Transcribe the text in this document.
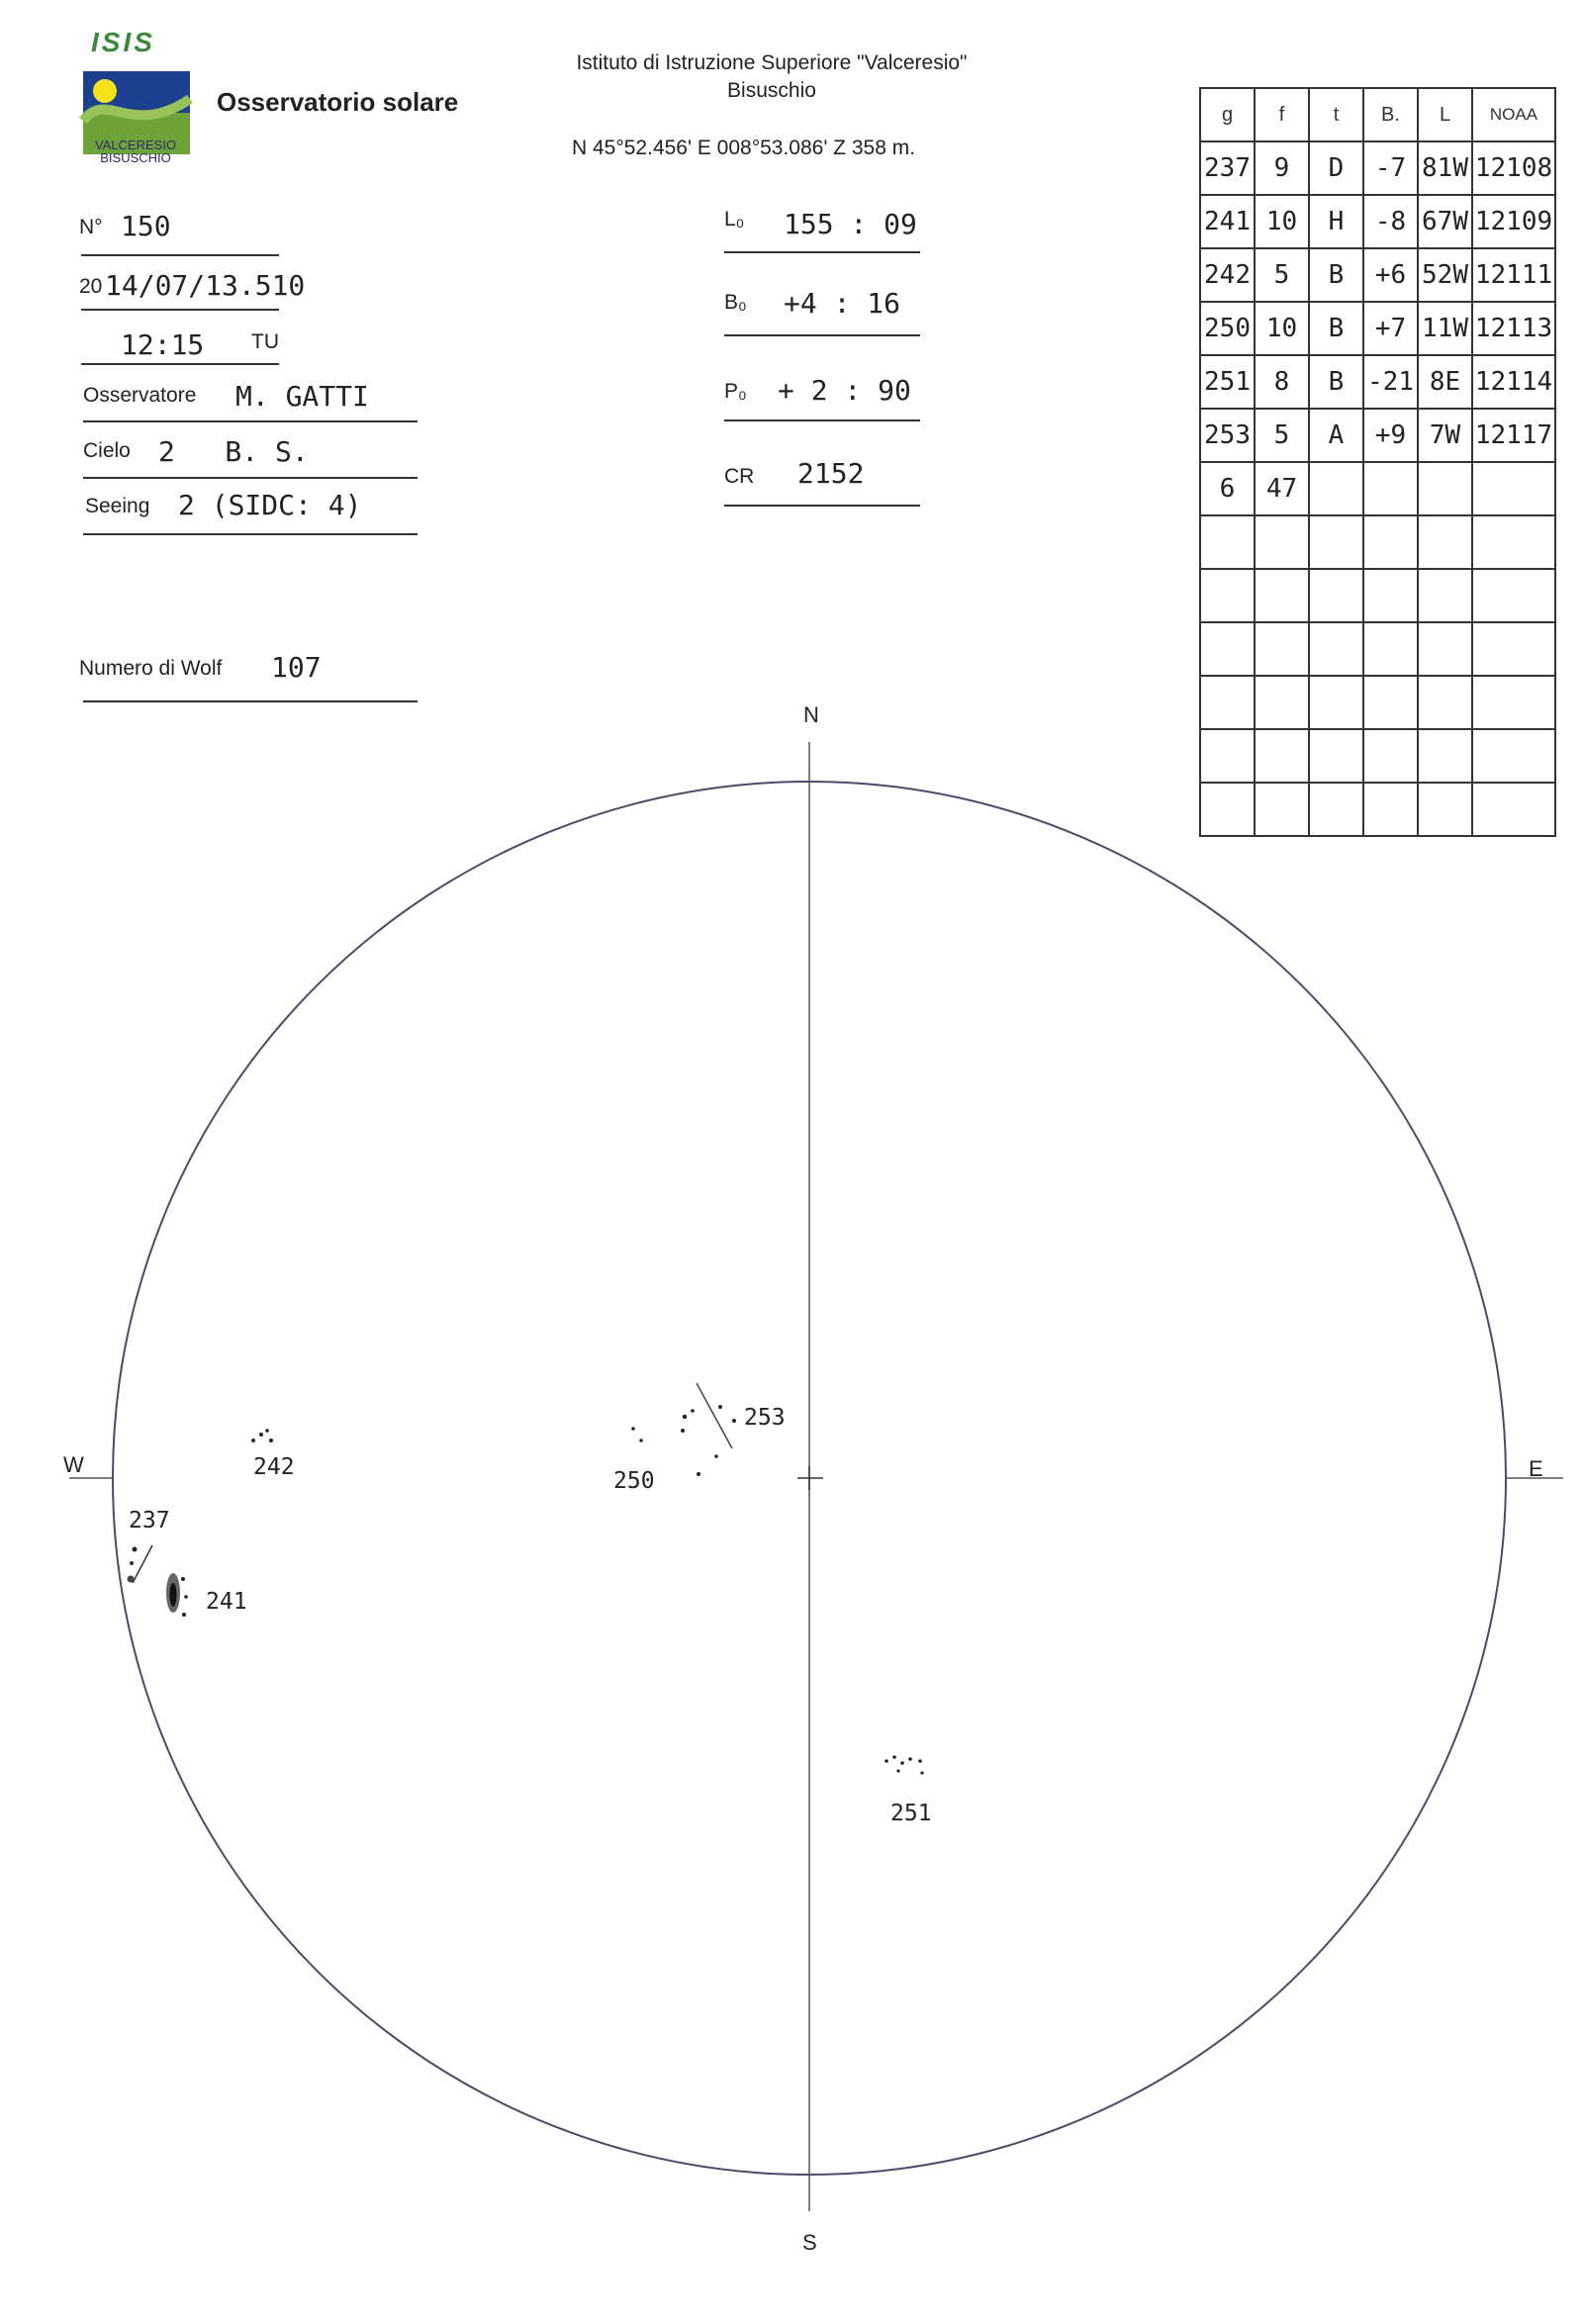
ISIS
VALCERESIO
BISUSCHIO
Osservatorio solare
Istituto di Istruzione Superiore "Valceresio"
Bisuschio
N 45°52.456' E 008°53.086' Z 358 m.
N° 150
20 14/07/13.510
12:15 TU
Osservatore M. GATTI
Cielo 2   B. S.
Seeing 2 (SIDC: 4)
Numero di Wolf 107
L₀ 155 : 09
B₀ +4 : 16
P₀ + 2 : 90
CR 2152
g	f	t	B.	L	NOAA
237	9	D	-7	81W	12108
241	10	H	-8	67W	12109
242	5	B	+6	52W	12111
250	10	B	+7	11W	12113
251	8	B	-21	8E	12114
253	5	A	+9	7W	12117
6	47				

N
S
W	E
242
237
241
250
253
251
